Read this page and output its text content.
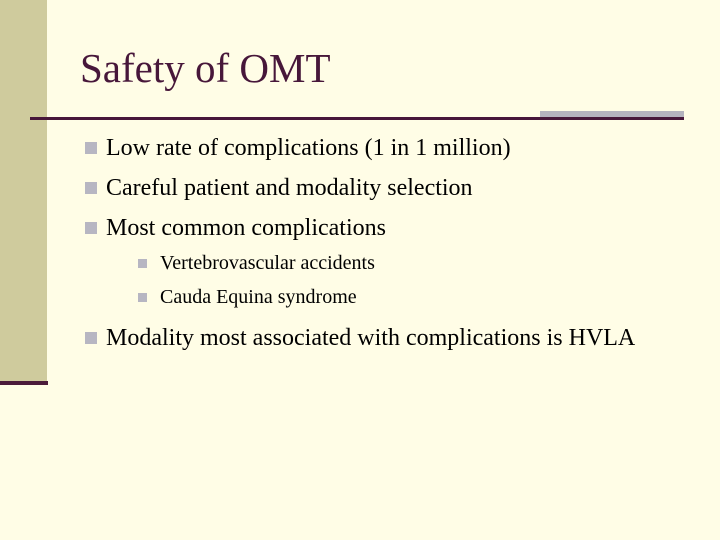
Safety of OMT
Low rate of complications (1 in 1 million)
Careful patient and modality selection
Most common complications
Vertebrovascular accidents
Cauda Equina syndrome
Modality most associated with complications is HVLA
